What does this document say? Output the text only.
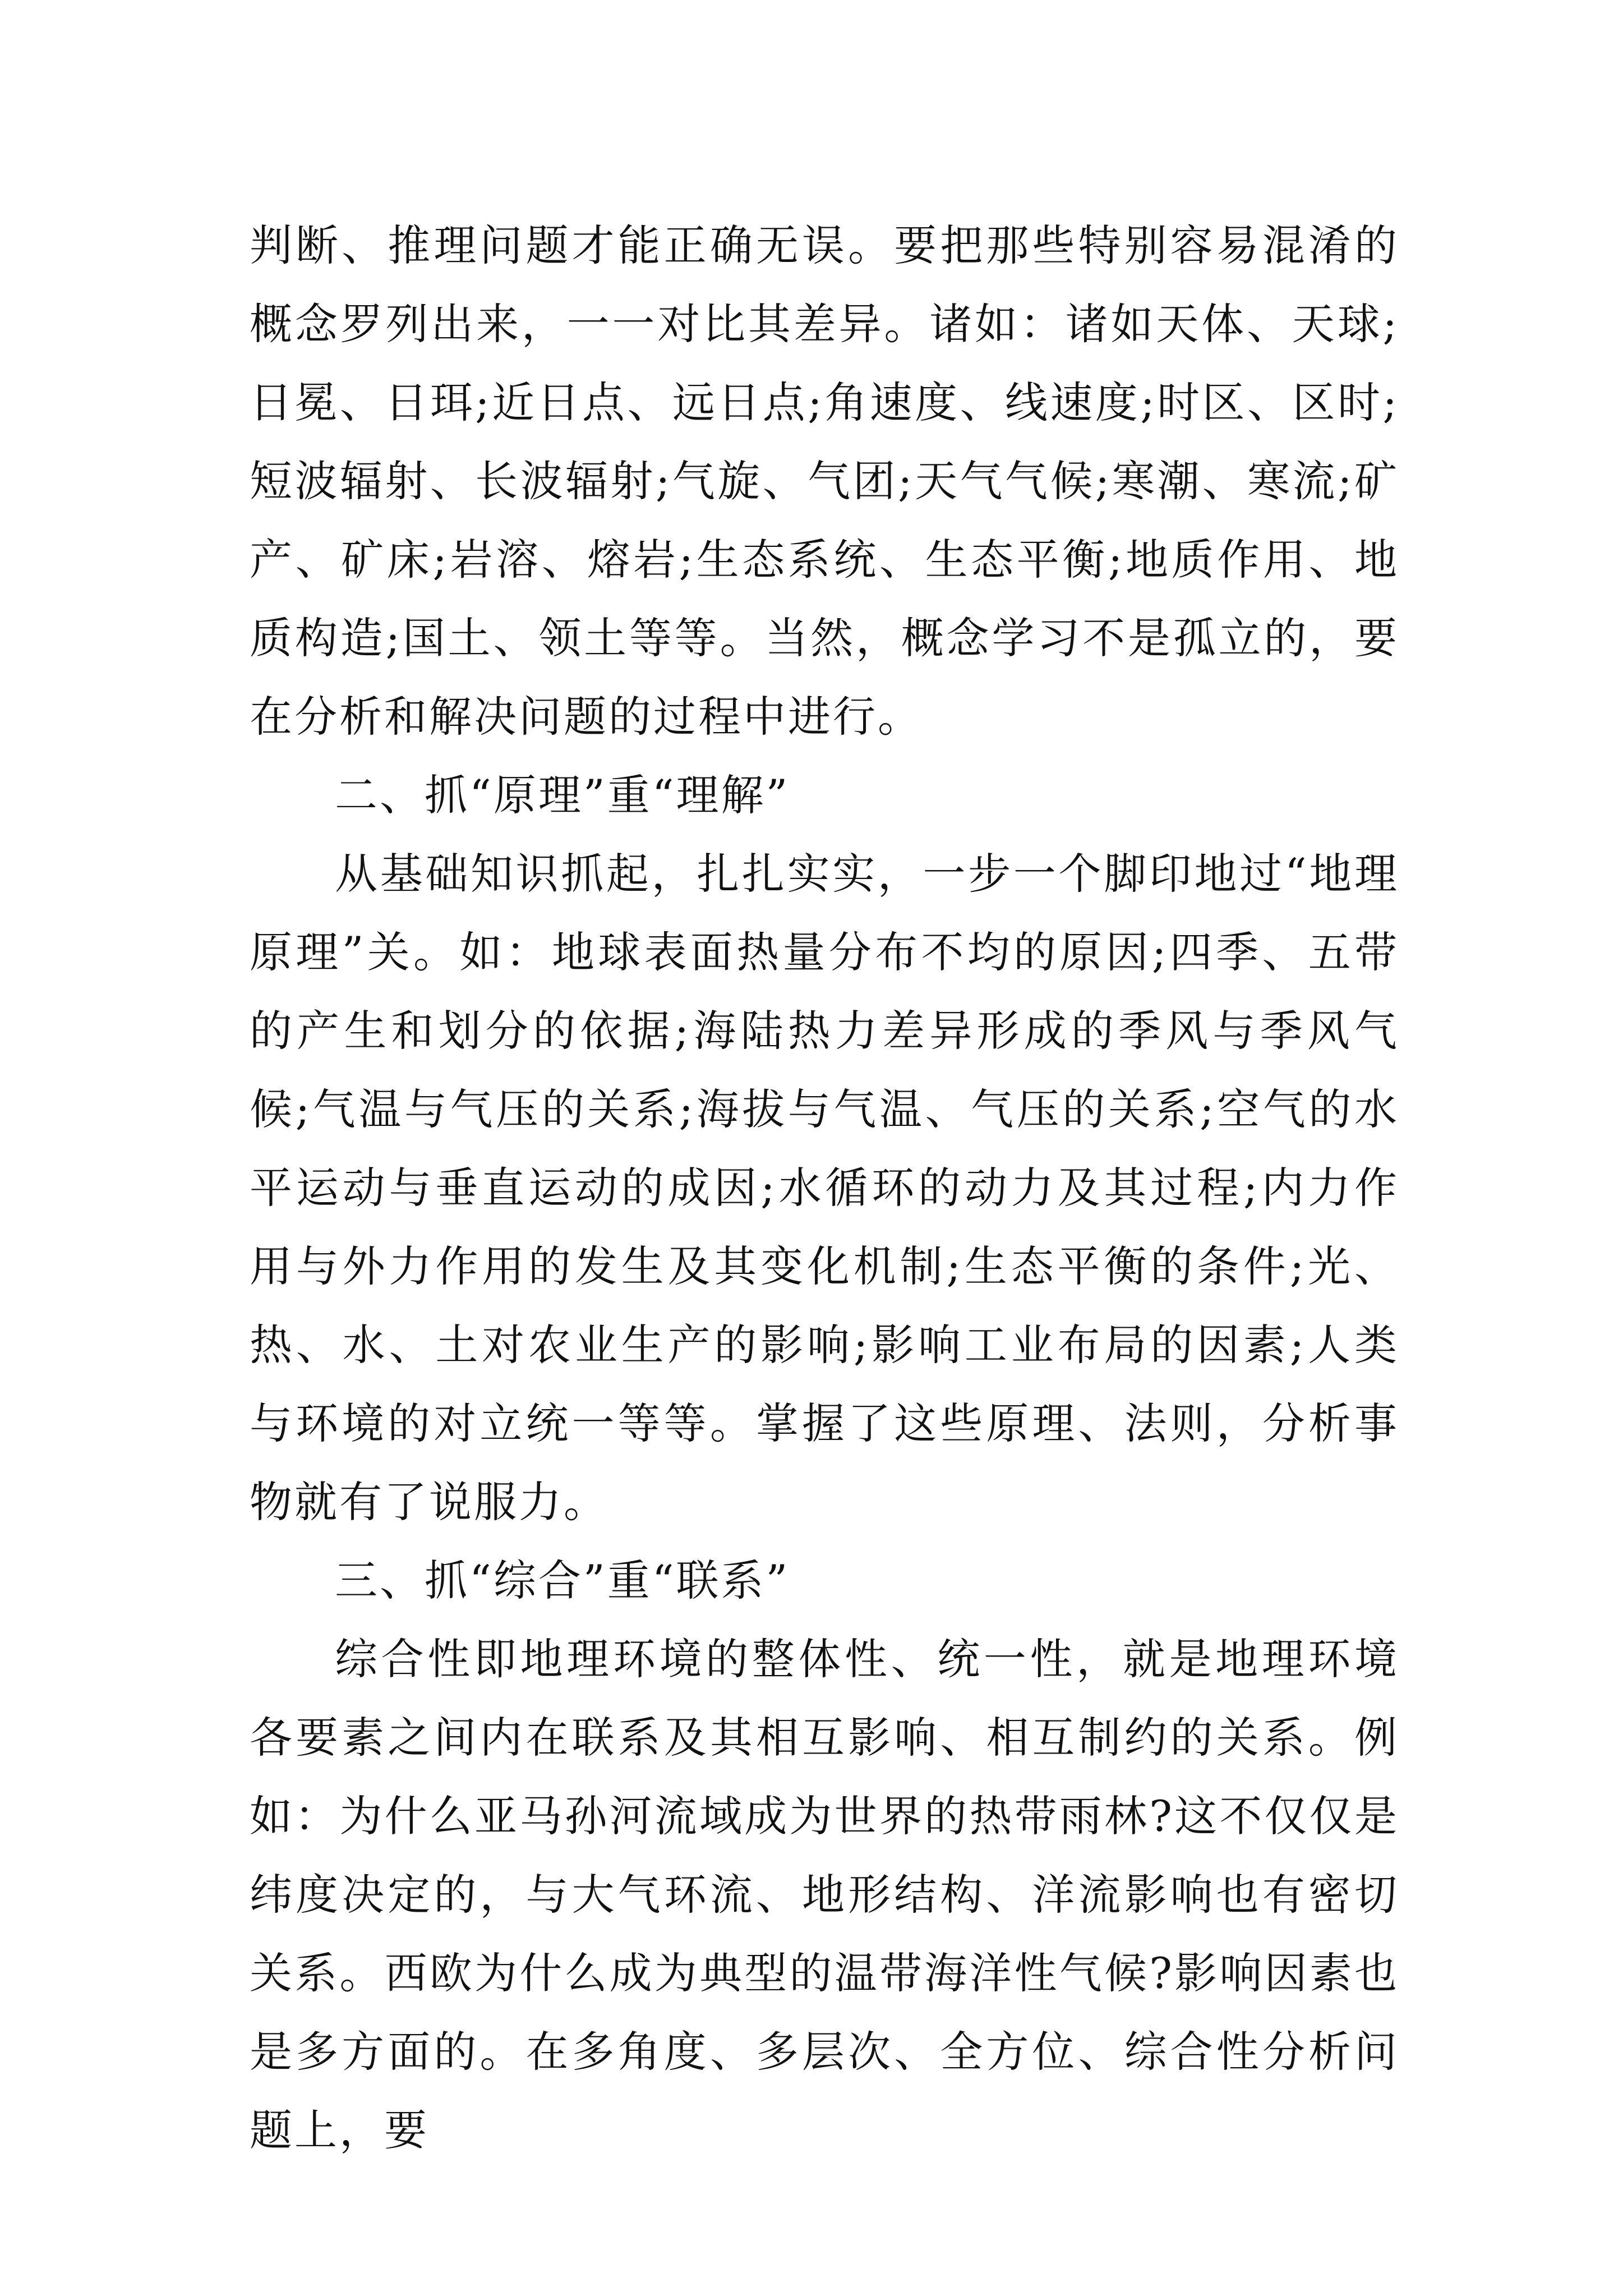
判断、推理问题才能正确无误。要把那些特别容易混淆的概念罗列出来，一一对比其差异。诸如：诸如天体、天球;日冕、日珥;近日点、远日点;角速度、线速度;时区、区时;短波辐射、长波辐射;气旋、气团;天气气候;寒潮、寒流;矿产、矿床;岩溶、熔岩;生态系统、生态平衡;地质作用、地质构造;国土、领土等等。当然，概念学习不是孤立的，要在分析和解决问题的过程中进行。

二、抓“原理”重“理解”

从基础知识抓起，扎扎实实，一步一个脚印地过“地理原理”关。如：地球表面热量分布不均的原因;四季、五带的产生和划分的依据;海陆热力差异形成的季风与季风气候;气温与气压的关系;海拔与气温、气压的关系;空气的水平运动与垂直运动的成因;水循环的动力及其过程;内力作用与外力作用的发生及其变化机制;生态平衡的条件;光、热、水、土对农业生产的影响;影响工业布局的因素;人类与环境的对立统一等等。掌握了这些原理、法则，分析事物就有了说服力。

三、抓“综合”重“联系”

综合性即地理环境的整体性、统一性，就是地理环境各要素之间内在联系及其相互影响、相互制约的关系。例如：为什么亚马孙河流域成为世界的热带雨林?这不仅仅是纬度决定的，与大气环流、地形结构、洋流影响也有密切关系。西欧为什么成为典型的温带海洋性气候?影响因素也是多方面的。在多角度、多层次、全方位、综合性分析问题上，要
